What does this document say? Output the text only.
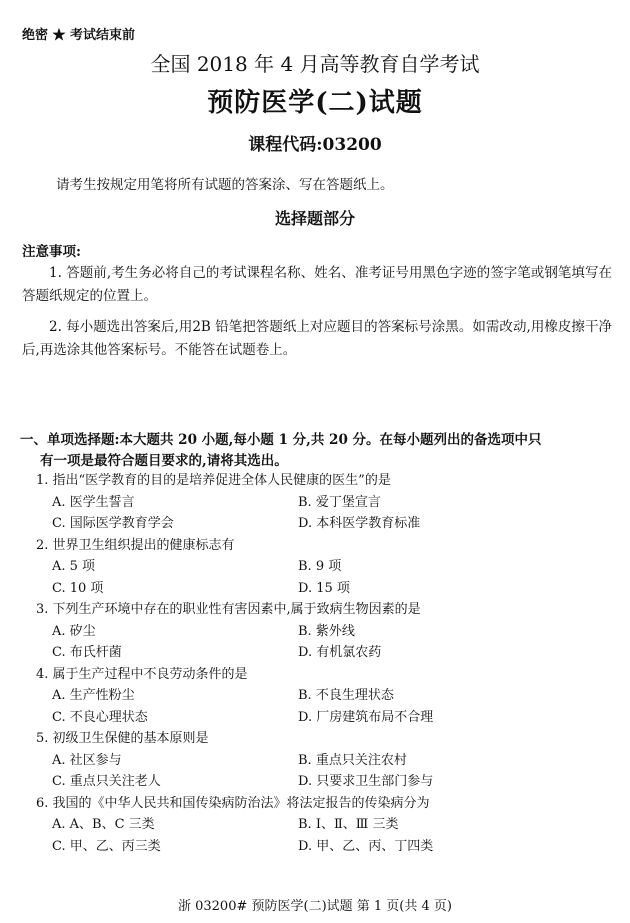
绝密 ★ 考试结束前
全国 2018 年 4 月高等教育自学考试
预防医学(二)试题
课程代码:03200
请考生按规定用笔将所有试题的答案涂、写在答题纸上。
选择题部分
注意事项:
1. 答题前,考生务必将自己的考试课程名称、姓名、准考证号用黑色字迹的签字笔或钢笔填写在答题纸规定的位置上。
2. 每小题选出答案后,用2B 铅笔把答题纸上对应题目的答案标号涂黑。如需改动,用橡皮擦干净后,再选涂其他答案标号。不能答在试题卷上。
一、单项选择题:本大题共 20 小题,每小题 1 分,共 20 分。在每小题列出的备选项中只
有一项是最符合题目要求的,请将其选出。
1. 指出“医学教育的目的是培养促进全体人民健康的医生”的是
A. 医学生誓言	B. 爱丁堡宣言
C. 国际医学教育学会	D. 本科医学教育标准
2. 世界卫生组织提出的健康标志有
A. 5 项	B. 9 项
C. 10 项	D. 15 项
3. 下列生产环境中存在的职业性有害因素中,属于致病生物因素的是
A. 矽尘	B. 紫外线
C. 布氏杆菌	D. 有机氯农药
4. 属于生产过程中不良劳动条件的是
A. 生产性粉尘	B. 不良生理状态
C. 不良心理状态	D. 厂房建筑布局不合理
5. 初级卫生保健的基本原则是
A. 社区参与	B. 重点只关注农村
C. 重点只关注老人	D. 只要求卫生部门参与
6. 我国的《中华人民共和国传染病防治法》将法定报告的传染病分为
A. A、B、C 三类	B. Ⅰ、Ⅱ、Ⅲ 三类
C. 甲、乙、丙三类	D. 甲、乙、丙、丁四类
浙 03200# 预防医学(二)试题 第 1 页(共 4 页)
